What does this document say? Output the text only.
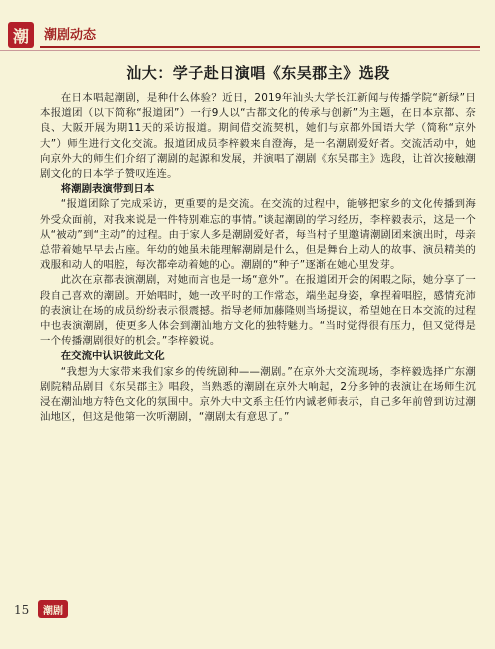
潮	潮剧动态
汕大：学子赴日演唱《东吴郡主》选段

在日本唱起潮剧，是种什么体验？近日，2019年汕头大学长江新闻与传播学院“新绿”日本报道团（以下简称“报道团”）一行9人以“古都文化的传承与创新”为主题，在日本京都、奈良、大阪开展为期11天的采访报道。期间借交流契机，她们与京都外国语大学（简称“京外大”）师生进行文化交流。报道团成员李梓毅来自澄海，是一名潮剧爱好者。交流活动中，她向京外大的师生们介绍了潮剧的起源和发展，并演唱了潮剧《东吴郡主》选段，让首次接触潮剧文化的日本学子赞叹连连。

将潮剧表演带到日本

“报道团除了完成采访，更重要的是交流。在交流的过程中，能够把家乡的文化传播到海外受众面前，对我来说是一件特别难忘的事情。”谈起潮剧的学习经历，李梓毅表示，这是一个从“被动”到“主动”的过程。由于家人多是潮剧爱好者，每当村子里邀请潮剧团来演出时，母亲总带着她早早去占座。年幼的她虽未能理解潮剧是什么，但是舞台上动人的故事、演员精美的戏服和动人的唱腔，每次都牵动着她的心。潮剧的“种子”逐渐在她心里发芽。

此次在京都表演潮剧，对她而言也是一场“意外”。在报道团开会的闲暇之际，她分享了一段自己喜欢的潮剧。开始唱时，她一改平时的工作常态，端坐起身姿，拿捏着唱腔，感情充沛的表演让在场的成员纷纷表示很震撼。指导老师加藤隆则当场提议，希望她在日本交流的过程中也表演潮剧，使更多人体会到潮汕地方文化的独特魅力。“当时觉得很有压力，但又觉得是一个传播潮剧很好的机会。”李梓毅说。

在交流中认识彼此文化

“我想为大家带来我们家乡的传统剧种——潮剧。”在京外大交流现场，李梓毅选择广东潮剧院精品剧目《东吴郡主》唱段，当熟悉的潮剧在京外大响起，2分多钟的表演让在场师生沉浸在潮汕地方特色文化的氛围中。京外大中文系主任竹内诚老师表示，自己多年前曾到访过潮汕地区，但这是他第一次听潮剧，“潮剧太有意思了。”

15	潮剧
